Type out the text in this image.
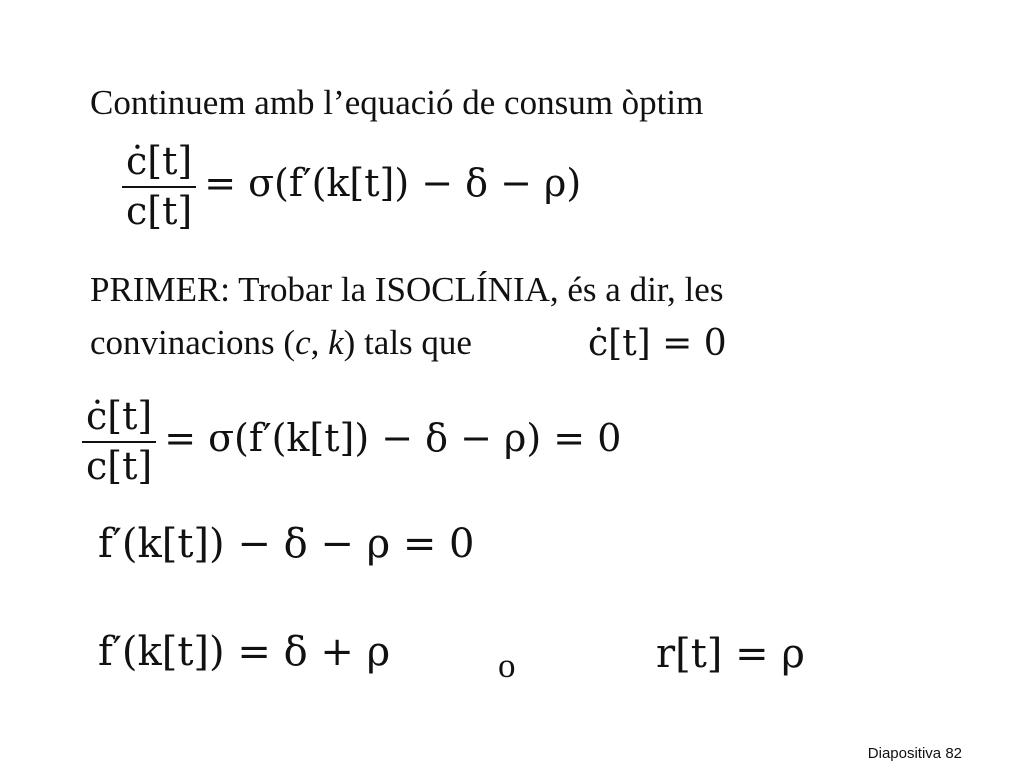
Continuem amb l’equació de consum òptim
$\frac{ċ[t]}{c[t]} = \sigma(f'(k[t]) - \delta - \rho)$
PRIMER: Trobar la ISOCLÍNIA, és a dir, les
convinacions (c, k) tals que	ċ[t] = 0
$\frac{ċ[t]}{c[t]} = \sigma(f'(k[t]) - \delta - \rho) = 0$
f′(k[t]) − δ − ρ = 0
f′(k[t]) = δ + ρ	o	r[t] = ρ
Diapositiva 82
